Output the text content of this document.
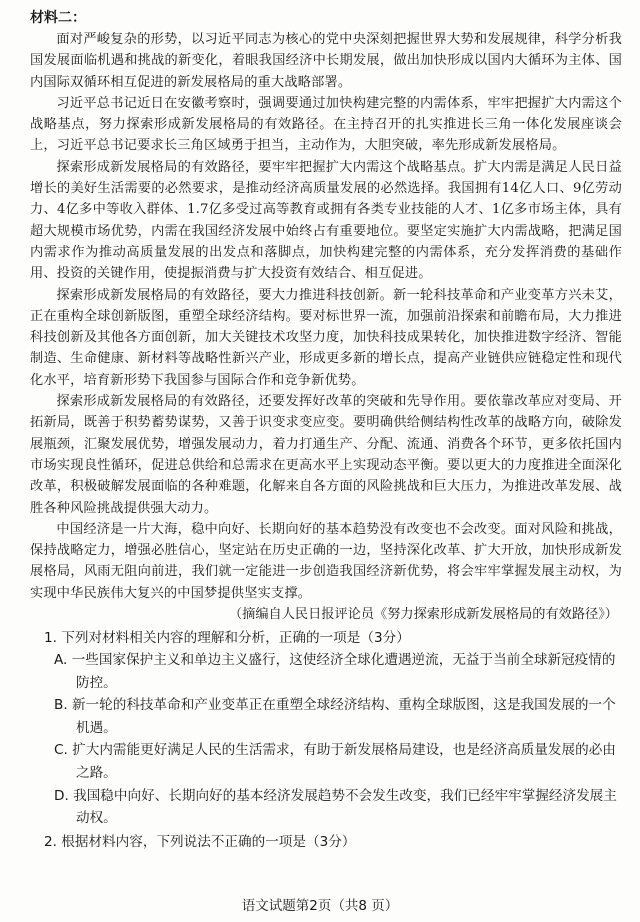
材料二：

面对严峻复杂的形势，以习近平同志为核心的党中央深刻把握世界大势和发展规律，科学分析我国发展面临机遇和挑战的新变化，着眼我国经济中长期发展，做出加快形成以国内大循环为主体、国内国际双循环相互促进的新发展格局的重大战略部署。

习近平总书记近日在安徽考察时，强调要通过加快构建完整的内需体系，牢牢把握扩大内需这个战略基点，努力探索形成新发展格局的有效路径。在主持召开的扎实推进长三角一体化发展座谈会上，习近平总书记要求长三角区域勇于担当，主动作为，大胆突破，率先形成新发展格局。

探索形成新发展格局的有效路径，要牢牢把握扩大内需这个战略基点。扩大内需是满足人民日益增长的美好生活需要的必然要求，是推动经济高质量发展的必然选择。我国拥有14亿人口、9亿劳动力、4亿多中等收入群体、1.7亿多受过高等教育或拥有各类专业技能的人才、1亿多市场主体，具有超大规模市场优势，内需在我国经济发展中始终占有重要地位。要坚定实施扩大内需战略，把满足国内需求作为推动高质量发展的出发点和落脚点，加快构建完整的内需体系，充分发挥消费的基础作用、投资的关键作用，使提振消费与扩大投资有效结合、相互促进。

探索形成新发展格局的有效路径，要大力推进科技创新。新一轮科技革命和产业变革方兴未艾，正在重构全球创新版图，重塑全球经济结构。要对标世界一流，加强前沿探索和前瞻布局，大力推进科技创新及其他各方面创新，加大关键技术攻坚力度，加快科技成果转化，加快推进数字经济、智能制造、生命健康、新材料等战略性新兴产业，形成更多新的增长点，提高产业链供应链稳定性和现代化水平，培育新形势下我国参与国际合作和竞争新优势。

探索形成新发展格局的有效路径，还要发挥好改革的突破和先导作用。要依靠改革应对变局、开拓新局，既善于积势蓄势谋势，又善于识变求变应变。要明确供给侧结构性改革的战略方向，破除发展瓶颈，汇聚发展优势，增强发展动力，着力打通生产、分配、流通、消费各个环节，更多依托国内市场实现良性循环，促进总供给和总需求在更高水平上实现动态平衡。要以更大的力度推进全面深化改革，积极破解发展面临的各种难题，化解来自各方面的风险挑战和巨大压力，为推进改革发展、战胜各种风险挑战提供强大动力。

中国经济是一片大海，稳中向好、长期向好的基本趋势没有改变也不会改变。面对风险和挑战，保持战略定力，增强必胜信心，坚定站在历史正确的一边，坚持深化改革、扩大开放，加快形成新发展格局，风雨无阻向前进，我们就一定能进一步创造我国经济新优势，将会牢牢掌握发展主动权，为实现中华民族伟大复兴的中国梦提供坚实支撑。

（摘编自人民日报评论员《努力探索形成新发展格局的有效路径》）

1. 下列对材料相关内容的理解和分析，正确的一项是（3分）
A. 一些国家保护主义和单边主义盛行，这使经济全球化遭遇逆流，无益于当前全球新冠疫情的防控。
B. 新一轮的科技革命和产业变革正在重塑全球经济结构、重构全球版图，这是我国发展的一个机遇。
C. 扩大内需能更好满足人民的生活需求，有助于新发展格局建设，也是经济高质量发展的必由之路。
D. 我国稳中向好、长期向好的基本经济发展趋势不会发生改变，我们已经牢牢掌握经济发展主动权。
2. 根据材料内容，下列说法不正确的一项是（3分）
语文试题第2页（共8 页）
